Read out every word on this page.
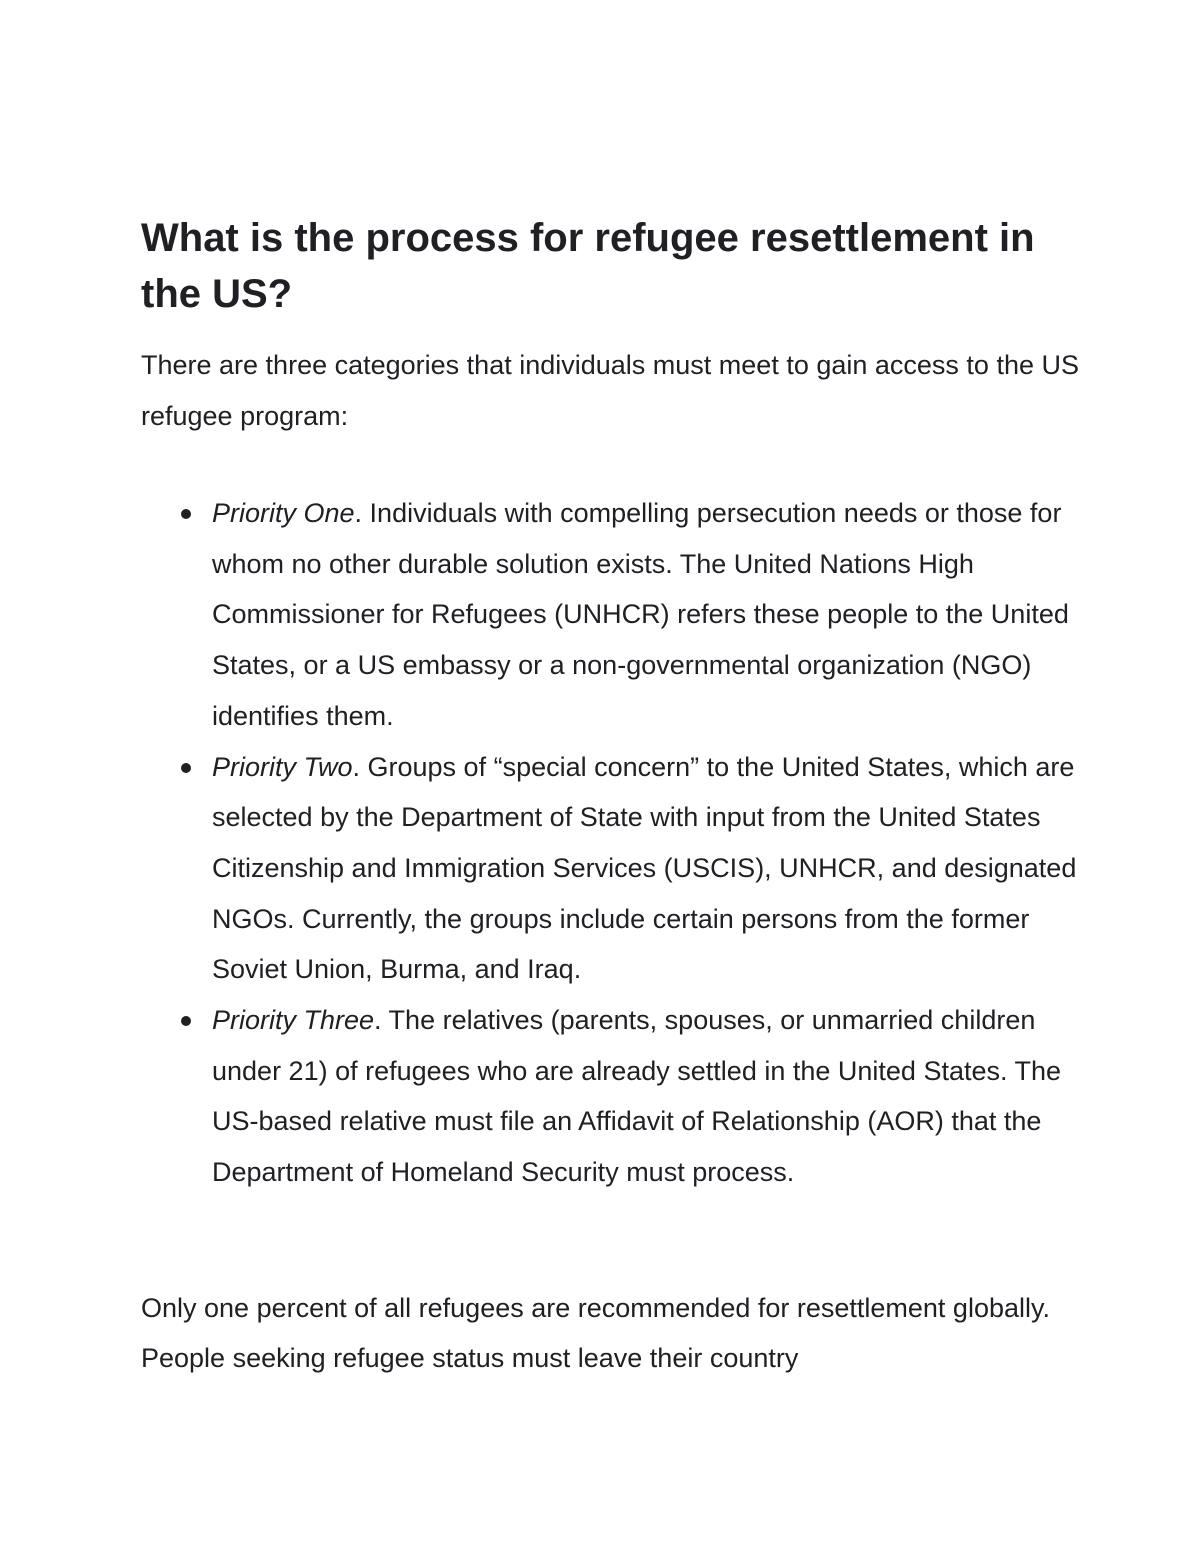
What is the process for refugee resettlement in the US?

There are three categories that individuals must meet to gain access to the US refugee program:

Priority One. Individuals with compelling persecution needs or those for whom no other durable solution exists. The United Nations High Commissioner for Refugees (UNHCR) refers these people to the United States, or a US embassy or a non-governmental organization (NGO) identifies them.
Priority Two. Groups of “special concern” to the United States, which are selected by the Department of State with input from the United States Citizenship and Immigration Services (USCIS), UNHCR, and designated NGOs. Currently, the groups include certain persons from the former Soviet Union, Burma, and Iraq.
Priority Three. The relatives (parents, spouses, or unmarried children under 21) of refugees who are already settled in the United States. The US-based relative must file an Affidavit of Relationship (AOR) that the Department of Homeland Security must process.

Only one percent of all refugees are recommended for resettlement globally. People seeking refugee status must leave their country
